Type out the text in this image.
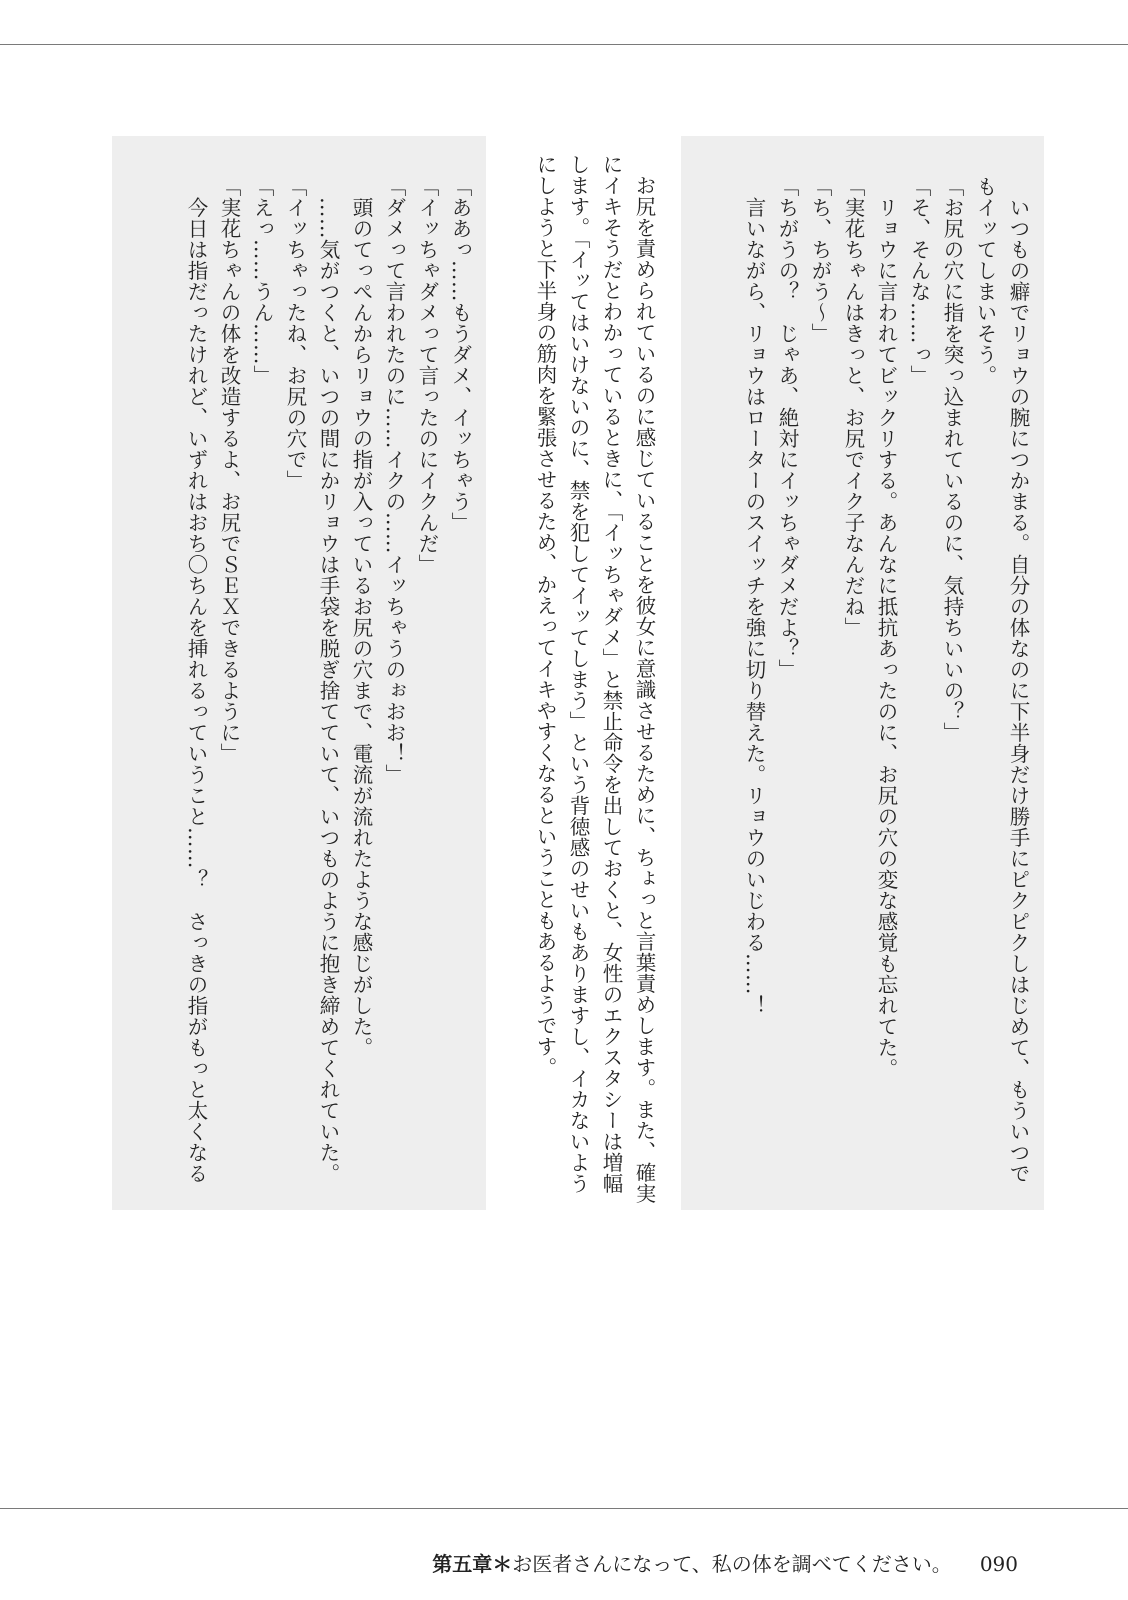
　いつもの癖でリョウの腕につかまる。自分の体なのに下半身だけ勝手にピクピクしはじめて、もういつでもイッてしまいそう。

「お尻の穴に指を突っ込まれているのに、気持ちいいの？」

「そ、そんな……っ」

　リョウに言われてビックリする。あんなに抵抗あったのに、お尻の穴の変な感覚も忘れてた。

「実花ちゃんはきっと、お尻でイク子なんだね」

「ち、ちがう〜」

「ちがうの？　じゃあ、絶対にイッちゃダメだよ？」

　言いながら、リョウはローターのスイッチを強に切り替えた。リョウのいじわる……！

　お尻を責められているのに感じていることを彼女に意識させるために、ちょっと言葉責めします。また、確実にイキそうだとわかっているときに、「イッちゃダメ」と禁止命令を出しておくと、女性のエクスタシーは増幅します。「イッてはいけないのに、禁を犯してイッてしまう」という背徳感のせいもありますし、イカないようにしようと下半身の筋肉を緊張させるため、かえってイキやすくなるということもあるようです。

「ああっ……もうダメ、イッちゃう」

「イッちゃダメって言ったのにイクんだ」

「ダメって言われたのに……イクの……イッちゃうのぉおお！」

　頭のてっぺんからリョウの指が入っているお尻の穴まで、電流が流れたような感じがした。

　……気がつくと、いつの間にかリョウは手袋を脱ぎ捨てていて、いつものように抱き締めてくれていた。

「イッちゃったね、お尻の穴で」

「えっ……うん……」

「実花ちゃんの体を改造するよ、お尻でＳＥＸできるように」

　今日は指だったけれど、いずれはおち〇ちんを挿れるっていうこと……？　さっきの指がもっと太くなる

第五章＊お医者さんになって、私の体を調べてください。 090
